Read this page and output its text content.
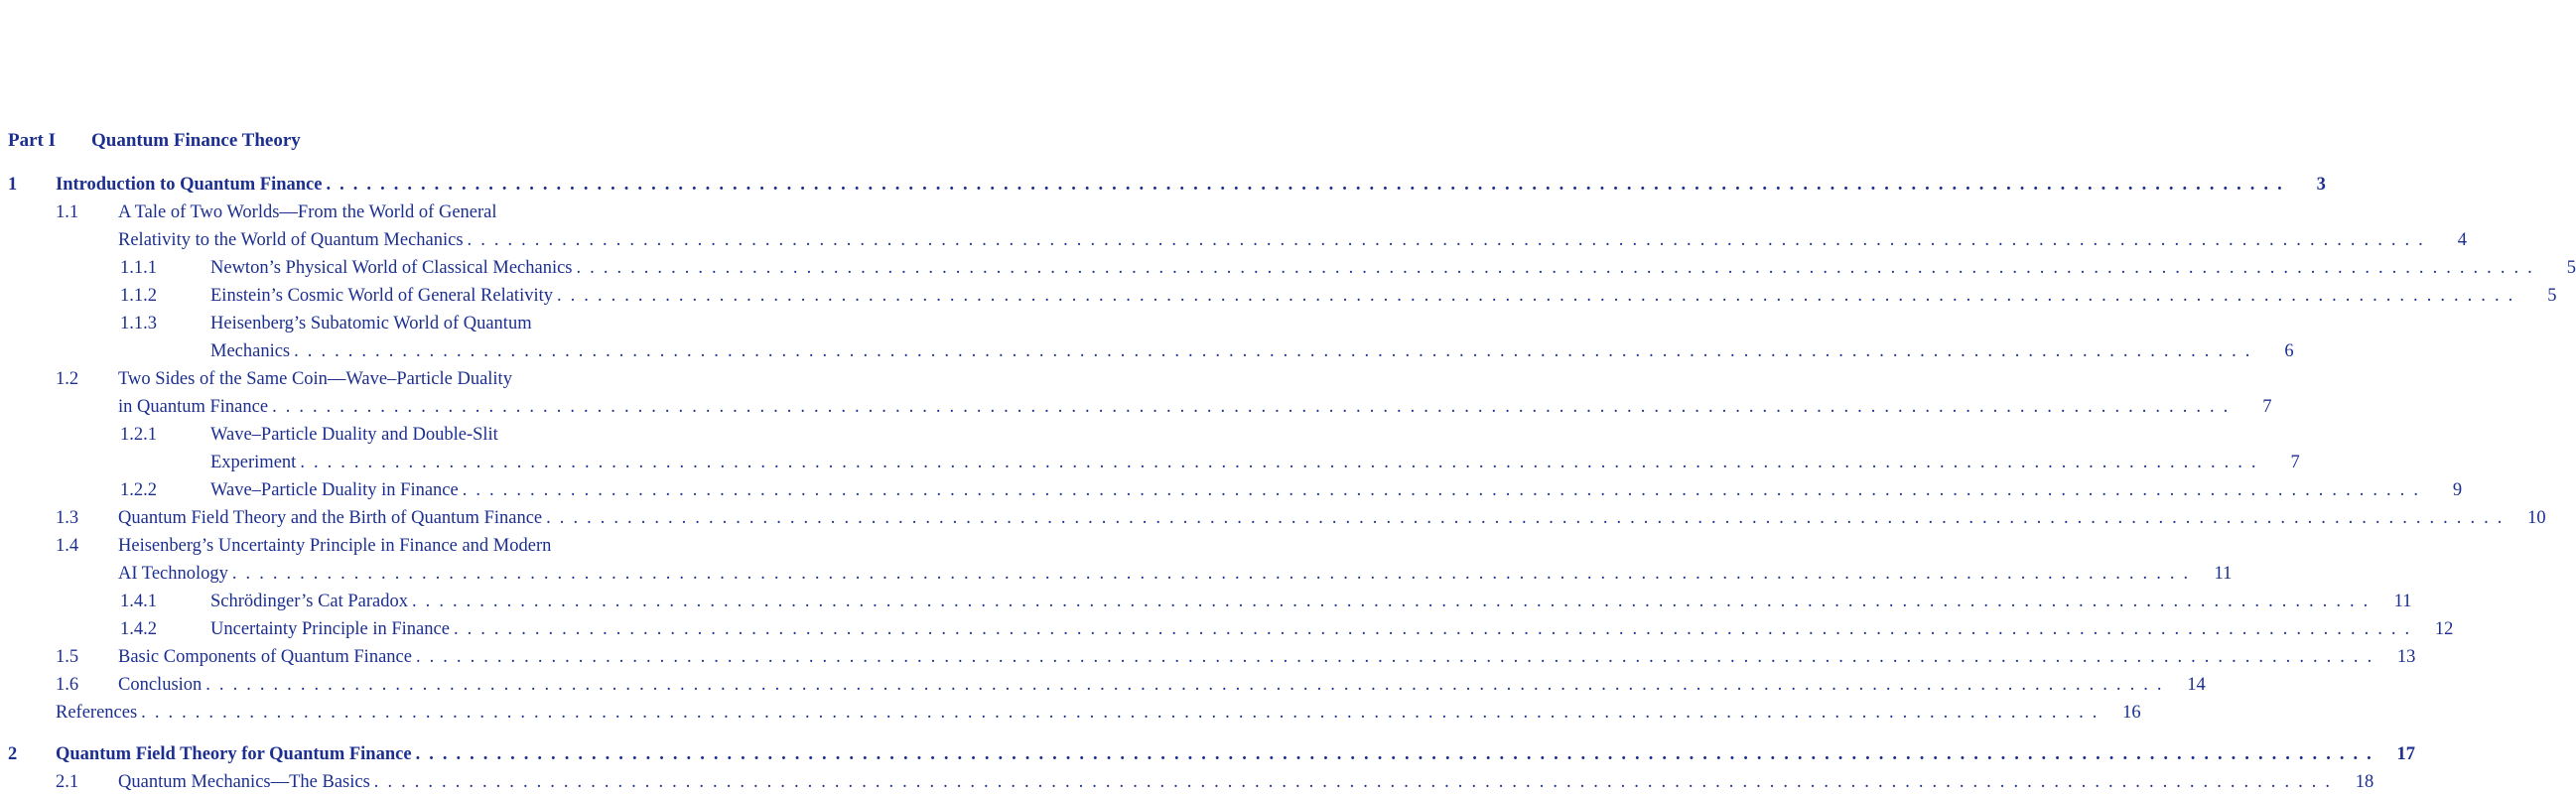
Part I Quantum Finance Theory
1 Introduction to Quantum Finance . . .	3
1.1 A Tale of Two Worlds—From the World of General
Relativity to the World of Quantum Mechanics . . .	4
1.1.1	Newton’s Physical World of Classical Mechanics . . .	5
1.1.2	Einstein’s Cosmic World of General Relativity . . .	5
1.1.3	Heisenberg’s Subatomic World of Quantum
Mechanics . . .	6
1.2 Two Sides of the Same Coin—Wave–Particle Duality
in Quantum Finance . . .	7
1.2.1	Wave–Particle Duality and Double-Slit
Experiment . . .	7
1.2.2	Wave–Particle Duality in Finance . . .	9
1.3 Quantum Field Theory and the Birth of Quantum Finance . . .	10
1.4 Heisenberg’s Uncertainty Principle in Finance and Modern
AI Technology . . .	11
1.4.1	Schrödinger’s Cat Paradox . . .	11
1.4.2	Uncertainty Principle in Finance . . .	12
1.5 Basic Components of Quantum Finance . . .	13
1.6 Conclusion . . .	14
References . . .	16
2 Quantum Field Theory for Quantum Finance . . .	17
2.1 Quantum Mechanics—The Basics . . .	18
